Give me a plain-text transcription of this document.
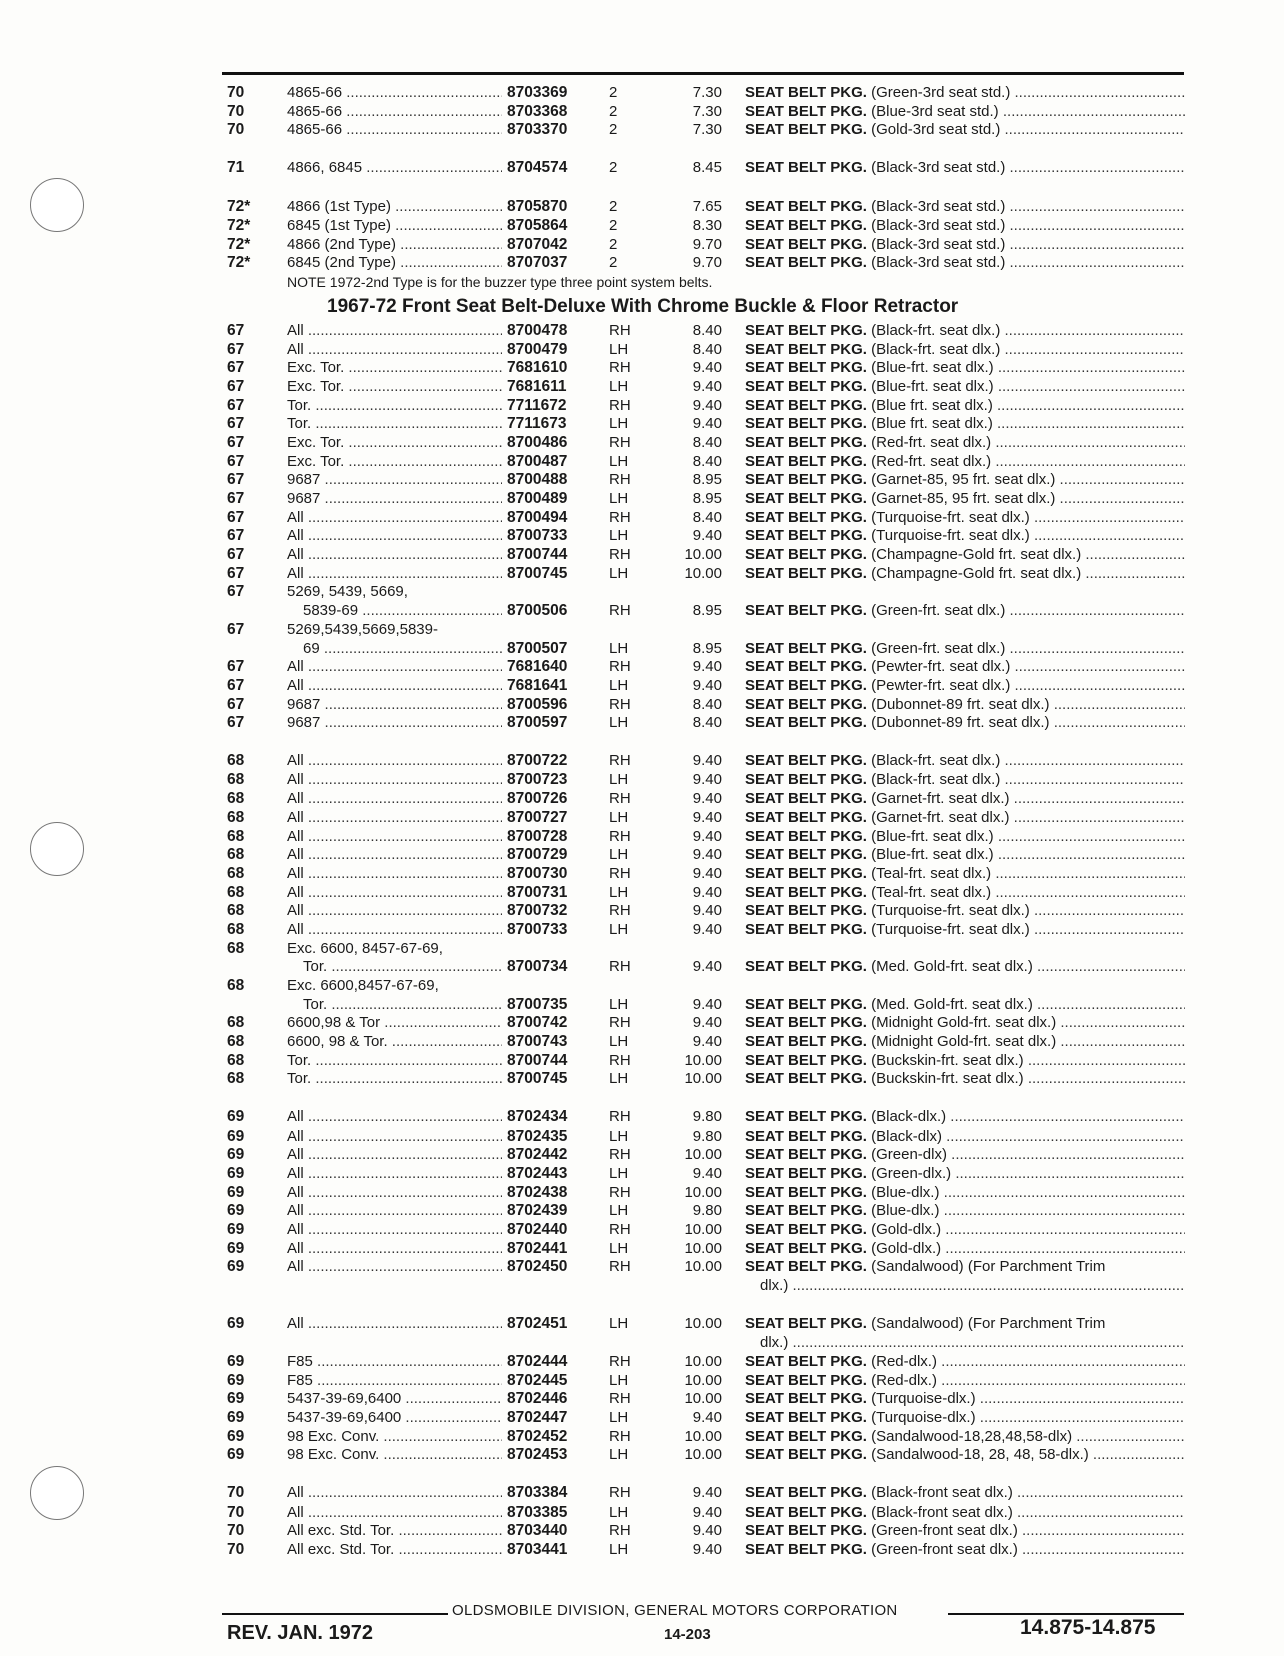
70	4865-66 .....	8703369	2	7.30 SEAT BELT PKG. (Green-3rd seat std.) .....
70	4865-66 .....	8703368	2	7.30 SEAT BELT PKG. (Blue-3rd seat std.) .....
70	4865-66 .....	8703370	2	7.30 SEAT BELT PKG. (Gold-3rd seat std.) .....
71	4866, 6845 .....	8704574	2	8.45 SEAT BELT PKG. (Black-3rd seat std.) .....
72* 4866 (1st Type) .....	8705870	2	7.65 SEAT BELT PKG. (Black-3rd seat std.) .....
72* 6845 (1st Type) .....	8705864	2	8.30 SEAT BELT PKG. (Black-3rd seat std.) .....
72* 4866 (2nd Type) .....	8707042	2	9.70 SEAT BELT PKG. (Black-3rd seat std.) .....
72* 6845 (2nd Type) .....	8707037	2	9.70 SEAT BELT PKG. (Black-3rd seat std.) .....
NOTE 1972-2nd Type is for the buzzer type three point system belts.
1967-72 Front Seat Belt-Deluxe With Chrome Buckle & Floor Retractor
67	All .....	8700478	RH	8.40 SEAT BELT PKG. (Black-frt. seat dlx.) .....
67	All .....	8700479	LH	8.40 SEAT BELT PKG. (Black-frt. seat dlx.) .....
67	Exc. Tor. .....	7681610	RH	9.40 SEAT BELT PKG. (Blue-frt. seat dlx.) .....
67	Exc. Tor. .....	7681611	LH	9.40 SEAT BELT PKG. (Blue-frt. seat dlx.) .....
67	Tor. .....	7711672	RH	9.40 SEAT BELT PKG. (Blue frt. seat dlx.) .....
67	Tor. .....	7711673	LH	9.40 SEAT BELT PKG. (Blue frt. seat dlx.) .....
67	Exc. Tor. .....	8700486	RH	8.40 SEAT BELT PKG. (Red-frt. seat dlx.) .....
67	Exc. Tor. .....	8700487	LH	8.40 SEAT BELT PKG. (Red-frt. seat dlx.) .....
67	9687 .....	8700488	RH	8.95 SEAT BELT PKG. (Garnet-85, 95 frt. seat dlx.) .....
67	9687 .....	8700489	LH	8.95 SEAT BELT PKG. (Garnet-85, 95 frt. seat dlx.) .....
67	All .....	8700494	RH	8.40 SEAT BELT PKG. (Turquoise-frt. seat dlx.) .....
67	All .....	8700733	LH	9.40 SEAT BELT PKG. (Turquoise-frt. seat dlx.) .....
67	All .....	8700744	RH	10.00 SEAT BELT PKG. (Champagne-Gold frt. seat dlx.) .....
67	All .....	8700745	LH	10.00 SEAT BELT PKG. (Champagne-Gold frt. seat dlx.) .....
67	5269, 5439, 5669,
5839-69 .....	8700506	RH	8.95 SEAT BELT PKG. (Green-frt. seat dlx.) .....
67	5269,5439,5669,5839-
69 .....	8700507	LH	8.95 SEAT BELT PKG. (Green-frt. seat dlx.) .....
67	All .....	7681640	RH	9.40 SEAT BELT PKG. (Pewter-frt. seat dlx.) .....
67	All .....	7681641	LH	9.40 SEAT BELT PKG. (Pewter-frt. seat dlx.) .....
67	9687 .....	8700596	RH	8.40 SEAT BELT PKG. (Dubonnet-89 frt. seat dlx.) .....
67	9687 .....	8700597	LH	8.40 SEAT BELT PKG. (Dubonnet-89 frt. seat dlx.) .....
68	All .....	8700722	RH	9.40 SEAT BELT PKG. (Black-frt. seat dlx.) .....
68	All .....	8700723	LH	9.40 SEAT BELT PKG. (Black-frt. seat dlx.) .....
68	All .....	8700726	RH	9.40 SEAT BELT PKG. (Garnet-frt. seat dlx.) .....
68	All .....	8700727	LH	9.40 SEAT BELT PKG. (Garnet-frt. seat dlx.) .....
68	All .....	8700728	RH	9.40 SEAT BELT PKG. (Blue-frt. seat dlx.) .....
68	All .....	8700729	LH	9.40 SEAT BELT PKG. (Blue-frt. seat dlx.) .....
68	All .....	8700730	RH	9.40 SEAT BELT PKG. (Teal-frt. seat dlx.) .....
68	All .....	8700731	LH	9.40 SEAT BELT PKG. (Teal-frt. seat dlx.) .....
68	All .....	8700732	RH	9.40 SEAT BELT PKG. (Turquoise-frt. seat dlx.) .....
68	All .....	8700733	LH	9.40 SEAT BELT PKG. (Turquoise-frt. seat dlx.) .....
68	Exc. 6600, 8457-67-69,
Tor. .....	8700734	RH	9.40 SEAT BELT PKG. (Med. Gold-frt. seat dlx.) .....
68	Exc. 6600,8457-67-69,
Tor. .....	8700735	LH	9.40 SEAT BELT PKG. (Med. Gold-frt. seat dlx.) .....
68	6600,98 & Tor .....	8700742	RH	9.40 SEAT BELT PKG. (Midnight Gold-frt. seat dlx.) .....
68	6600, 98 & Tor. .....	8700743	LH	9.40 SEAT BELT PKG. (Midnight Gold-frt. seat dlx.) .....
68	Tor. .....	8700744	RH	10.00 SEAT BELT PKG. (Buckskin-frt. seat dlx.) .....
68	Tor. .....	8700745	LH	10.00 SEAT BELT PKG. (Buckskin-frt. seat dlx.) .....
69	All .....	8702434	RH	9.80 SEAT BELT PKG. (Black-dlx.) .....
69	All .....	8702435	LH	9.80 SEAT BELT PKG. (Black-dlx) .....
69	All .....	8702442	RH	10.00 SEAT BELT PKG. (Green-dlx) .....
69	All .....	8702443	LH	9.40 SEAT BELT PKG. (Green-dlx.) .....
69	All .....	8702438	RH	10.00 SEAT BELT PKG. (Blue-dlx.) .....
69	All .....	8702439	LH	9.80 SEAT BELT PKG. (Blue-dlx.) .....
69	All .....	8702440	RH	10.00 SEAT BELT PKG. (Gold-dlx.) .....
69	All .....	8702441	LH	10.00 SEAT BELT PKG. (Gold-dlx.) .....
69	All .....	8702450	RH	10.00 SEAT BELT PKG. (Sandalwood) (For Parchment Trim
dlx.) .....
69	All .....	8702451	LH	10.00 SEAT BELT PKG. (Sandalwood) (For Parchment Trim
dlx.) .....
69	F85 .....	8702444	RH	10.00 SEAT BELT PKG. (Red-dlx.) .....
69	F85 .....	8702445	LH	10.00 SEAT BELT PKG. (Red-dlx.) .....
69	5437-39-69,6400 .....	8702446	RH	10.00 SEAT BELT PKG. (Turquoise-dlx.) .....
69	5437-39-69,6400 .....	8702447	LH	9.40 SEAT BELT PKG. (Turquoise-dlx.) .....
69	98 Exc. Conv. .....	8702452	RH	10.00 SEAT BELT PKG. (Sandalwood-18,28,48,58-dlx) .....
69	98 Exc. Conv. .....	8702453	LH	10.00 SEAT BELT PKG. (Sandalwood-18, 28, 48, 58-dlx.) .....
70	All .....	8703384	RH	9.40 SEAT BELT PKG. (Black-front seat dlx.) .....
70	All .....	8703385	LH	9.40 SEAT BELT PKG. (Black-front seat dlx.) .....
70	All exc. Std. Tor. .....	8703440	RH	9.40 SEAT BELT PKG. (Green-front seat dlx.) .....
70	All exc. Std. Tor. .....	8703441	LH	9.40 SEAT BELT PKG. (Green-front seat dlx.) .....
OLDSMOBILE DIVISION, GENERAL MOTORS CORPORATION
REV. JAN. 1972	14-203	14.875-14.875
